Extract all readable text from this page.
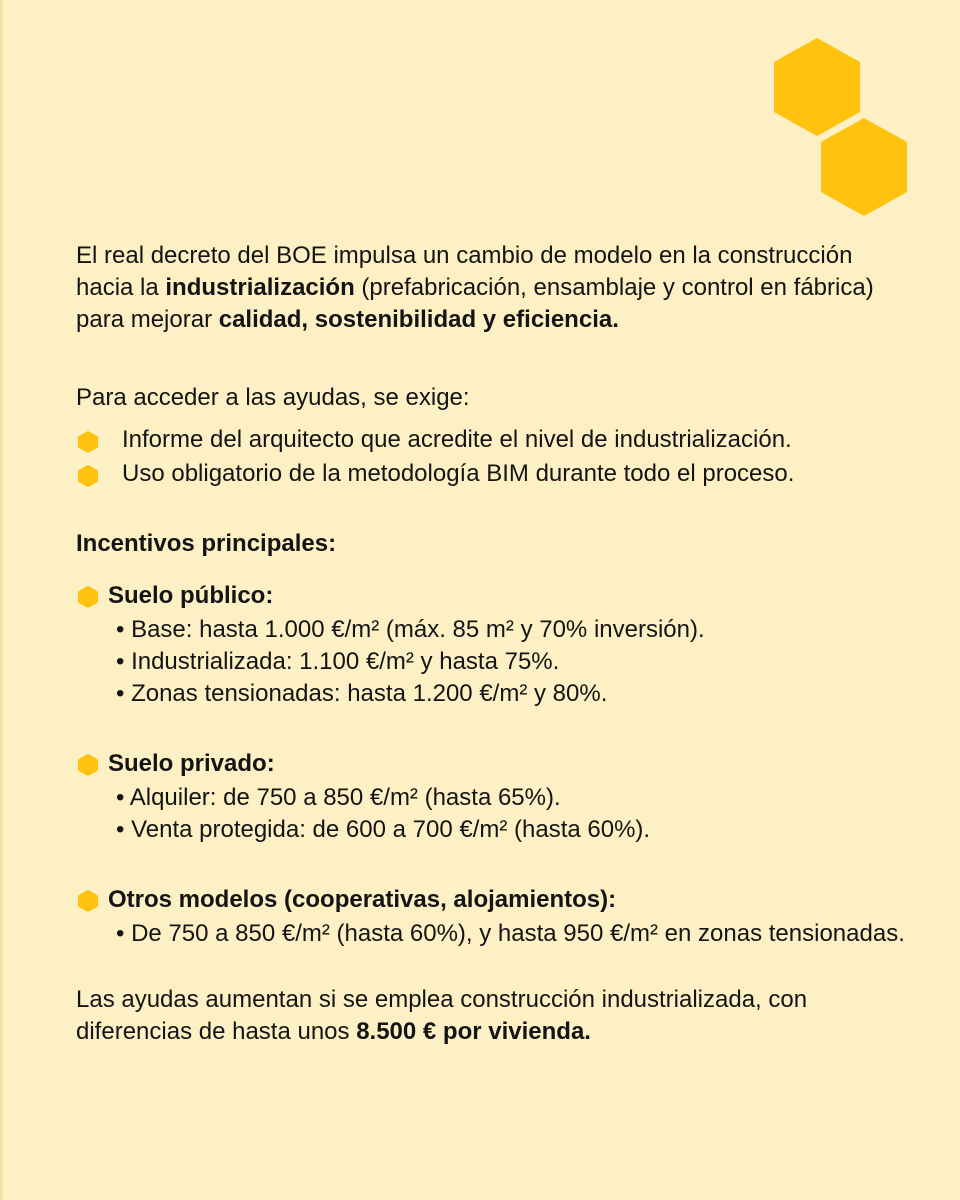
El real decreto del BOE impulsa un cambio de modelo en la construcción hacia la industrialización (prefabricación, ensamblaje y control en fábrica) para mejorar calidad, sostenibilidad y eficiencia.

Para acceder a las ayudas, se exige:

Informe del arquitecto que acredite el nivel de industrialización.
Uso obligatorio de la metodología BIM durante todo el proceso.
Incentivos principales:
Suelo público:
• Base: hasta 1.000 €/m² (máx. 85 m² y 70% inversión).
• Industrializada: 1.100 €/m² y hasta 75%.
• Zonas tensionadas: hasta 1.200 €/m² y 80%.
Suelo privado:
• Alquiler: de 750 a 850 €/m² (hasta 65%).
• Venta protegida: de 600 a 700 €/m² (hasta 60%).
Otros modelos (cooperativas, alojamientos):
• De 750 a 850 €/m² (hasta 60%), y hasta 950 €/m² en zonas tensionadas.

Las ayudas aumentan si se emplea construcción industrializada, con diferencias de hasta unos 8.500 € por vivienda.
